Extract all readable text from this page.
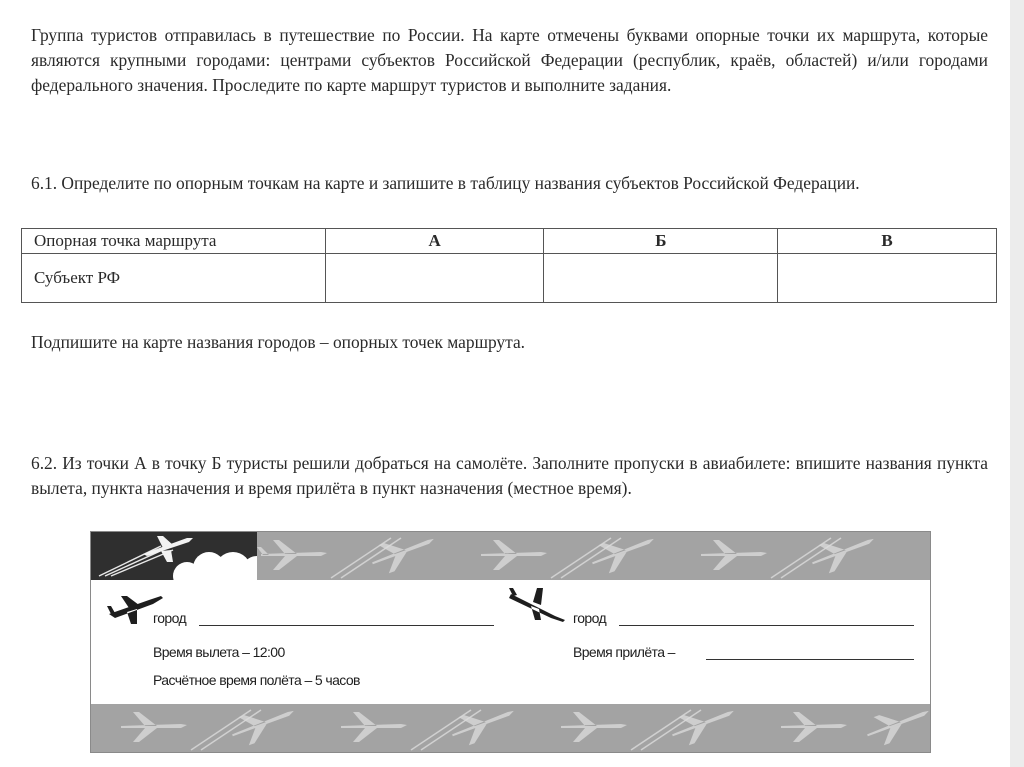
Группа туристов отправилась в путешествие по России. На карте отмечены буквами опорные точки их маршрута, которые являются крупными городами: центрами субъектов Российской Федерации (республик, краёв, областей) и/или городами федерального значения. Проследите по карте маршрут туристов и выполните задания.

6.1. Определите по опорным точкам на карте и запишите в таблицу названия субъектов Российской Федерации.

Опорная точка маршрута	А	Б	В
Субъект РФ			

Подпишите на карте названия городов – опорных точек маршрута.

6.2. Из точки А в точку Б туристы решили добраться на самолёте. Заполните пропуски в авиабилете: впишите названия пункта вылета, пункта назначения и время прилёта в пункт назначения (местное время).

город
Время вылета – 12:00
Расчётное время полёта – 5 часов
город
Время прилёта –
